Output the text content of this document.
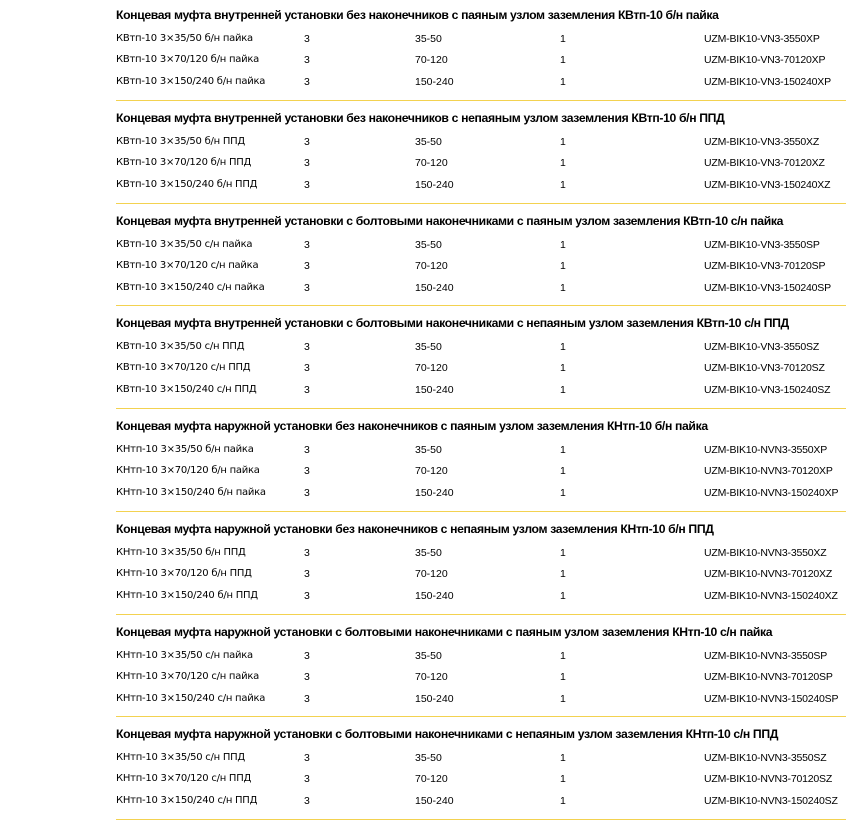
Концевая муфта внутренней установки без наконечников с паяным узлом заземления КВтп-10 б/н пайка
КВтп-10 3×35/50 б/н пайка	3	35-50	1	UZM-BIK10-VN3-3550XP
КВтп-10 3×70/120 б/н пайка	3	70-120	1	UZM-BIK10-VN3-70120XP
КВтп-10 3×150/240 б/н пайка	3	150-240	1	UZM-BIK10-VN3-150240XP
Концевая муфта внутренней установки без наконечников с непаяным узлом заземления КВтп-10 б/н ППД
КВтп-10 3×35/50 б/н ППД	3	35-50	1	UZM-BIK10-VN3-3550XZ
КВтп-10 3×70/120 б/н ППД	3	70-120	1	UZM-BIK10-VN3-70120XZ
КВтп-10 3×150/240 б/н ППД	3	150-240	1	UZM-BIK10-VN3-150240XZ
Концевая муфта внутренней установки с болтовыми наконечниками с паяным узлом заземления КВтп-10 с/н пайка
КВтп-10 3×35/50 с/н пайка	3	35-50	1	UZM-BIK10-VN3-3550SP
КВтп-10 3×70/120 с/н пайка	3	70-120	1	UZM-BIK10-VN3-70120SP
КВтп-10 3×150/240 с/н пайка	3	150-240	1	UZM-BIK10-VN3-150240SP
Концевая муфта внутренней установки с болтовыми наконечниками с непаяным узлом заземления КВтп-10 с/н ППД
КВтп-10 3×35/50 с/н ППД	3	35-50	1	UZM-BIK10-VN3-3550SZ
КВтп-10 3×70/120 с/н ППД	3	70-120	1	UZM-BIK10-VN3-70120SZ
КВтп-10 3×150/240 с/н ППД	3	150-240	1	UZM-BIK10-VN3-150240SZ
Концевая муфта наружной установки без наконечников с паяным узлом заземления КНтп-10 б/н пайка
КНтп-10 3×35/50 б/н пайка	3	35-50	1	UZM-BIK10-NVN3-3550XP
КНтп-10 3×70/120 б/н пайка	3	70-120	1	UZM-BIK10-NVN3-70120XP
КНтп-10 3×150/240 б/н пайка	3	150-240	1	UZM-BIK10-NVN3-150240XP
Концевая муфта наружной установки без наконечников с непаяным узлом заземления КНтп-10 б/н ППД
КНтп-10 3×35/50 б/н ППД	3	35-50	1	UZM-BIK10-NVN3-3550XZ
КНтп-10 3×70/120 б/н ППД	3	70-120	1	UZM-BIK10-NVN3-70120XZ
КНтп-10 3×150/240 б/н ППД	3	150-240	1	UZM-BIK10-NVN3-150240XZ
Концевая муфта наружной установки с болтовыми наконечниками с паяным узлом заземления КНтп-10 с/н пайка
КНтп-10 3×35/50 с/н пайка	3	35-50	1	UZM-BIK10-NVN3-3550SP
КНтп-10 3×70/120 с/н пайка	3	70-120	1	UZM-BIK10-NVN3-70120SP
КНтп-10 3×150/240 с/н пайка	3	150-240	1	UZM-BIK10-NVN3-150240SP
Концевая муфта наружной установки с болтовыми наконечниками с непаяным узлом заземления КНтп-10 с/н ППД
КНтп-10 3×35/50 с/н ППД	3	35-50	1	UZM-BIK10-NVN3-3550SZ
КНтп-10 3×70/120 с/н ППД	3	70-120	1	UZM-BIK10-NVN3-70120SZ
КНтп-10 3×150/240 с/н ППД	3	150-240	1	UZM-BIK10-NVN3-150240SZ
